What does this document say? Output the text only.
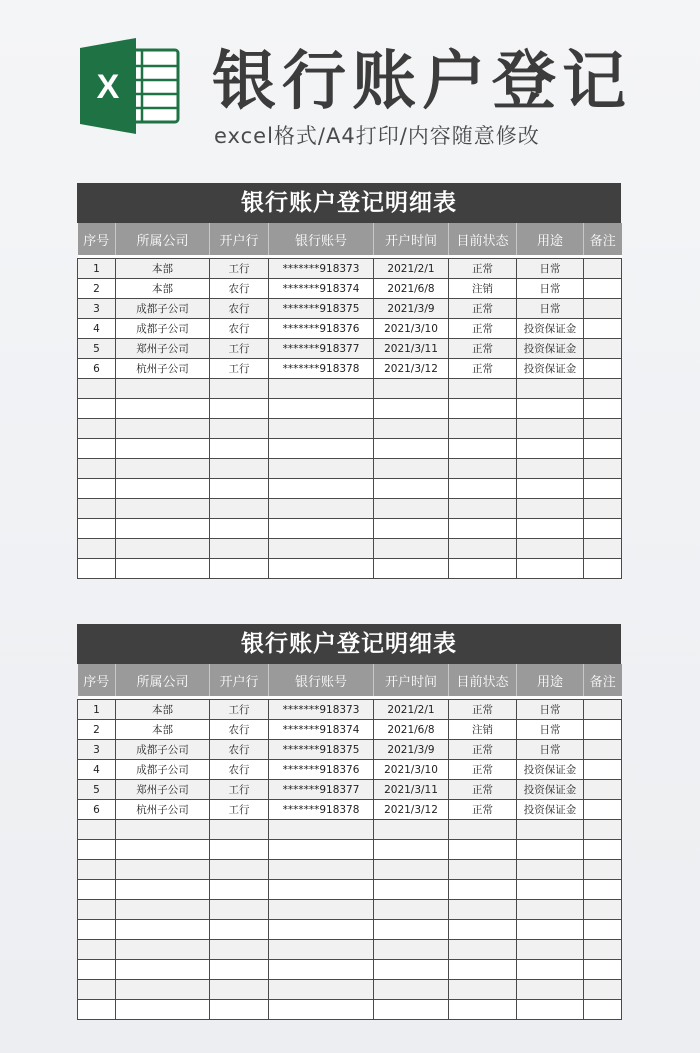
X 银行账户登记
excel格式/A4打印/内容随意修改
银行账户登记明细表
序号	所属公司	开户行	银行账号	开户时间	目前状态	用途	备注

1	本部	工行	*******918373	2021/2/1	正常	日常	
2	本部	农行	*******918374	2021/6/8	注销	日常	
3	成都子公司	农行	*******918375	2021/3/9	正常	日常	
4	成都子公司	农行	*******918376	2021/3/10	正常	投资保证金	
5	郑州子公司	工行	*******918377	2021/3/11	正常	投资保证金	
6	杭州子公司	工行	*******918378	2021/3/12	正常	投资保证金	

银行账户登记明细表
序号	所属公司	开户行	银行账号	开户时间	目前状态	用途	备注

1	本部	工行	*******918373	2021/2/1	正常	日常	
2	本部	农行	*******918374	2021/6/8	注销	日常	
3	成都子公司	农行	*******918375	2021/3/9	正常	日常	
4	成都子公司	农行	*******918376	2021/3/10	正常	投资保证金	
5	郑州子公司	工行	*******918377	2021/3/11	正常	投资保证金	
6	杭州子公司	工行	*******918378	2021/3/12	正常	投资保证金	
